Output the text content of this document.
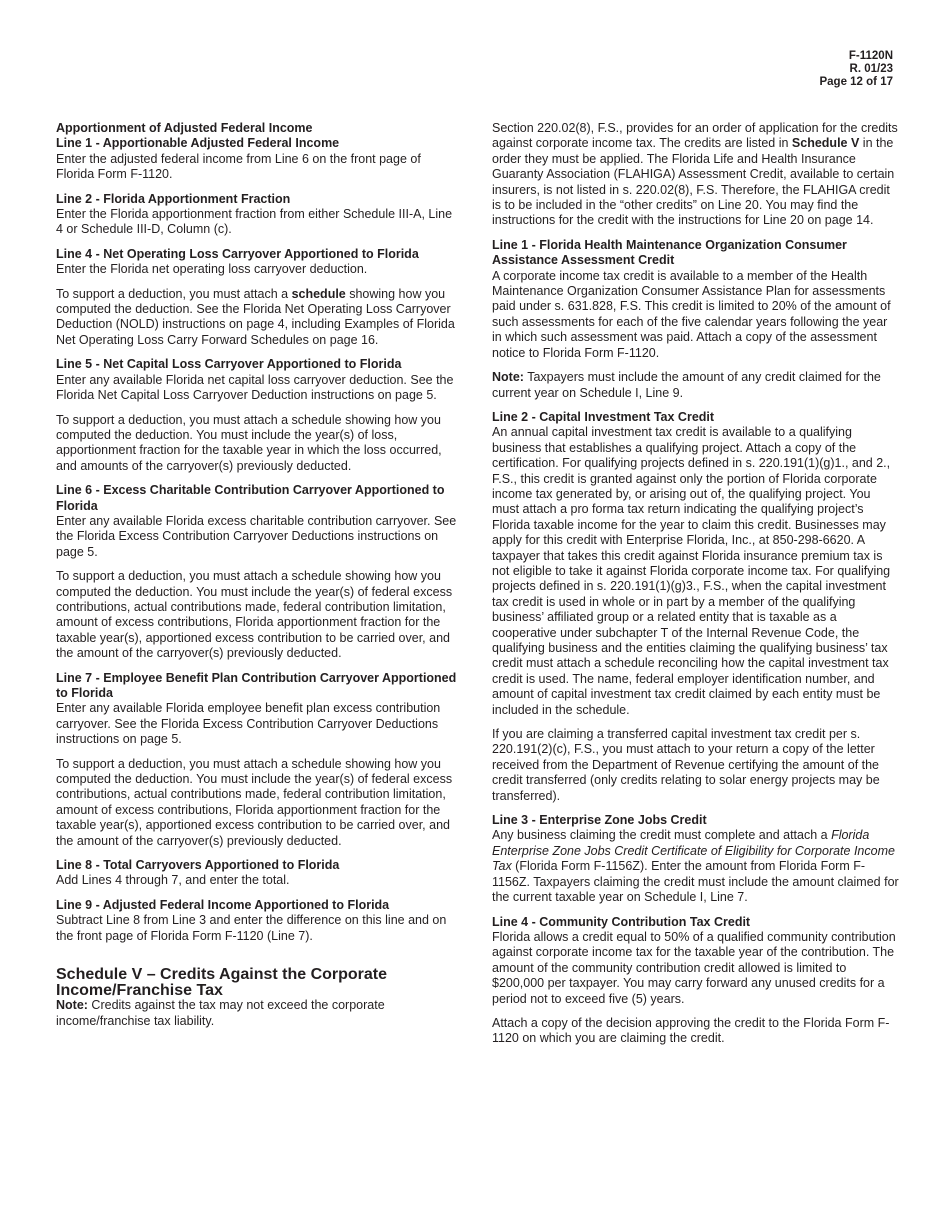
F-1120N
R. 01/23
Page 12 of 17

Apportionment of Adjusted Federal Income
Line 1 - Apportionable Adjusted Federal Income
Enter the adjusted federal income from Line 6 on the front page of Florida Form F-1120.

Line 2 - Florida Apportionment Fraction
Enter the Florida apportionment fraction from either Schedule III-A, Line 4 or Schedule III-D, Column (c).

Line 4 - Net Operating Loss Carryover Apportioned to Florida
Enter the Florida net operating loss carryover deduction.

To support a deduction, you must attach a schedule showing how you computed the deduction. See the Florida Net Operating Loss Carryover Deduction (NOLD) instructions on page 4, including Examples of Florida Net Operating Loss Carry Forward Schedules on page 16.

Line 5 - Net Capital Loss Carryover Apportioned to Florida
Enter any available Florida net capital loss carryover deduction. See the Florida Net Capital Loss Carryover Deduction instructions on page 5.

To support a deduction, you must attach a schedule showing how you computed the deduction. You must include the year(s) of loss, apportionment fraction for the taxable year in which the loss occurred, and amounts of the carryover(s) previously deducted.

Line 6 - Excess Charitable Contribution Carryover Apportioned to Florida
Enter any available Florida excess charitable contribution carryover. See the Florida Excess Contribution Carryover Deductions instructions on page 5.

To support a deduction, you must attach a schedule showing how you computed the deduction. You must include the year(s) of federal excess contributions, actual contributions made, federal contribution limitation, amount of excess contributions, Florida apportionment fraction for the taxable year(s), apportioned excess contribution to be carried over, and the amount of the carryover(s) previously deducted.

Line 7 - Employee Benefit Plan Contribution Carryover Apportioned to Florida
Enter any available Florida employee benefit plan excess contribution carryover. See the Florida Excess Contribution Carryover Deductions instructions on page 5.

To support a deduction, you must attach a schedule showing how you computed the deduction. You must include the year(s) of federal excess contributions, actual contributions made, federal contribution limitation, amount of excess contributions, Florida apportionment fraction for the taxable year(s), apportioned excess contribution to be carried over, and the amount of the carryover(s) previously deducted.

Line 8 - Total Carryovers Apportioned to Florida
Add Lines 4 through 7, and enter the total.

Line 9 - Adjusted Federal Income Apportioned to Florida
Subtract Line 8 from Line 3 and enter the difference on this line and on the front page of Florida Form F-1120 (Line 7).

Schedule V – Credits Against the Corporate Income/Franchise Tax

Note: Credits against the tax may not exceed the corporate income/franchise tax liability.

Section 220.02(8), F.S., provides for an order of application for the credits against corporate income tax. The credits are listed in Schedule V in the order they must be applied. The Florida Life and Health Insurance Guaranty Association (FLAHIGA) Assessment Credit, available to certain insurers, is not listed in s. 220.02(8), F.S. Therefore, the FLAHIGA credit is to be included in the “other credits” on Line 20. You may find the instructions for the credit with the instructions for Line 20 on page 14.

Line 1 - Florida Health Maintenance Organization Consumer Assistance Assessment Credit
A corporate income tax credit is available to a member of the Health Maintenance Organization Consumer Assistance Plan for assessments paid under s. 631.828, F.S. This credit is limited to 20% of the amount of such assessments for each of the five calendar years following the year in which such assessment was paid. Attach a copy of the assessment notice to Florida Form F-1120.

Note: Taxpayers must include the amount of any credit claimed for the current year on Schedule I, Line 9.

Line 2 - Capital Investment Tax Credit
An annual capital investment tax credit is available to a qualifying business that establishes a qualifying project. Attach a copy of the certification. For qualifying projects defined in s. 220.191(1)(g)1., and 2., F.S., this credit is granted against only the portion of Florida corporate income tax generated by, or arising out of, the qualifying project. You must attach a pro forma tax return indicating the qualifying project’s Florida taxable income for the year to claim this credit. Businesses may apply for this credit with Enterprise Florida, Inc., at 850-298-6620. A taxpayer that takes this credit against Florida insurance premium tax is not eligible to take it against Florida corporate income tax. For qualifying projects defined in s. 220.191(1)(g)3., F.S., when the capital investment tax credit is used in whole or in part by a member of the qualifying business’ affiliated group or a related entity that is taxable as a cooperative under subchapter T of the Internal Revenue Code, the qualifying business and the entities claiming the qualifying business’ tax credit must attach a schedule reconciling how the capital investment tax credit is used. The name, federal employer identification number, and amount of capital investment tax credit claimed by each entity must be included in the schedule.

If you are claiming a transferred capital investment tax credit per s. 220.191(2)(c), F.S., you must attach to your return a copy of the letter received from the Department of Revenue certifying the amount of the credit transferred (only credits relating to solar energy projects may be transferred).

Line 3 - Enterprise Zone Jobs Credit
Any business claiming the credit must complete and attach a Florida Enterprise Zone Jobs Credit Certificate of Eligibility for Corporate Income Tax (Florida Form F-1156Z). Enter the amount from Florida Form F-1156Z. Taxpayers claiming the credit must include the amount claimed for the current taxable year on Schedule I, Line 7.

Line 4 - Community Contribution Tax Credit
Florida allows a credit equal to 50% of a qualified community contribution against corporate income tax for the taxable year of the contribution. The amount of the community contribution credit allowed is limited to $200,000 per taxpayer. You may carry forward any unused credits for a period not to exceed five (5) years.

Attach a copy of the decision approving the credit to the Florida Form F-1120 on which you are claiming the credit.
